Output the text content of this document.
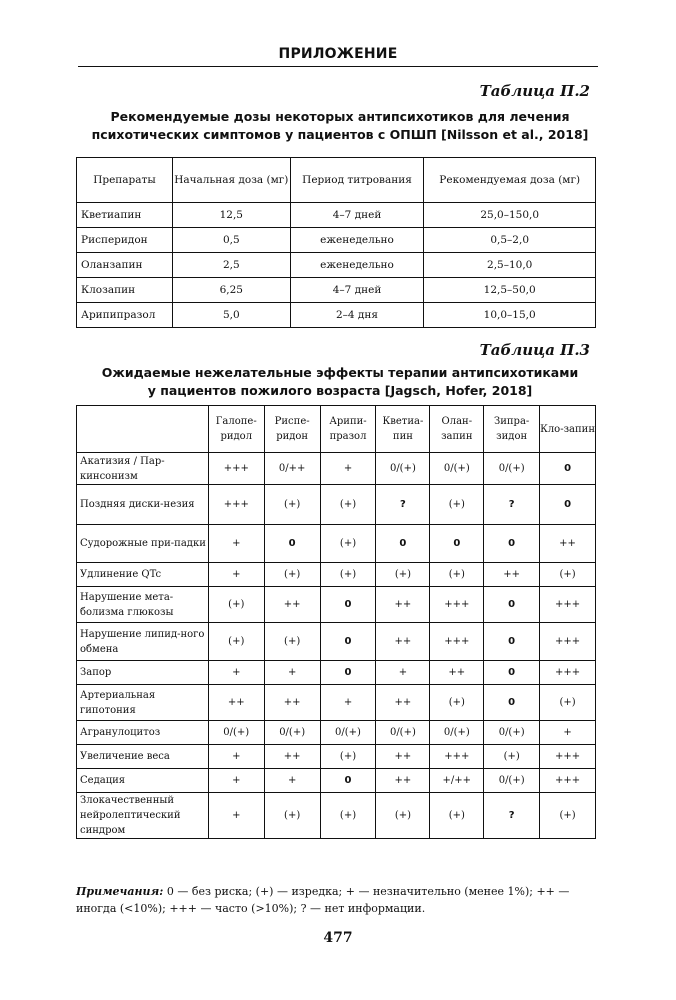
ПРИЛОЖЕНИЕ
Таблица П.2
Рекомендуемые дозы некоторых антипсихотиков для лечения
психотических симптомов у пациентов с ОПШП [Nilsson et al., 2018]
Препараты	Начальная доза (мг)	Период титрования	Рекомендуемая доза (мг)
Кветиапин	12,5	4–7 дней	25,0–150,0
Рисперидон	0,5	еженедельно	0,5–2,0
Оланзапин	2,5	еженедельно	2,5–10,0
Клозапин	6,25	4–7 дней	12,5–50,0
Арипипразол	5,0	2–4 дня	10,0–15,0
Таблица П.3
Ожидаемые нежелательные эффекты терапии антипсихотиками
у пациентов пожилого возраста [Jagsch, Hofer, 2018]
	Галопе-ридол	Риспе-ридон	Арипи-празол	Кветиа-пин	Олан-запин	Зипра-зидон	Кло-запин
Акатизия / Пар-кинсонизм	+++	0/++	+	0/(+)	0/(+)	0/(+)	0
Поздняя диски-незия	+++	(+)	(+)	?	(+)	?	0
Судорожные при-падки	+	0	(+)	0	0	0	++
Удлинение QTc	+	(+)	(+)	(+)	(+)	++	(+)
Нарушение мета-болизма глюкозы	(+)	++	0	++	+++	0	+++
Нарушение липид-ного обмена	(+)	(+)	0	++	+++	0	+++
Запор	+	+	0	+	++	0	+++
Артериальная гипотония	++	++	+	++	(+)	0	(+)
Агранулоцитоз	0/(+)	0/(+)	0/(+)	0/(+)	0/(+)	0/(+)	+
Увеличение веса	+	++	(+)	++	+++	(+)	+++
Седация	+	+	0	++	+/++	0/(+)	+++
Злокачественный нейролептический синдром	+	(+)	(+)	(+)	(+)	?	(+)
Примечания: 0 — без риска; (+) — изредка; + — незначительно (менее 1%); ++ — иногда (<10%); +++ — часто (>10%); ? — нет информации.
477
